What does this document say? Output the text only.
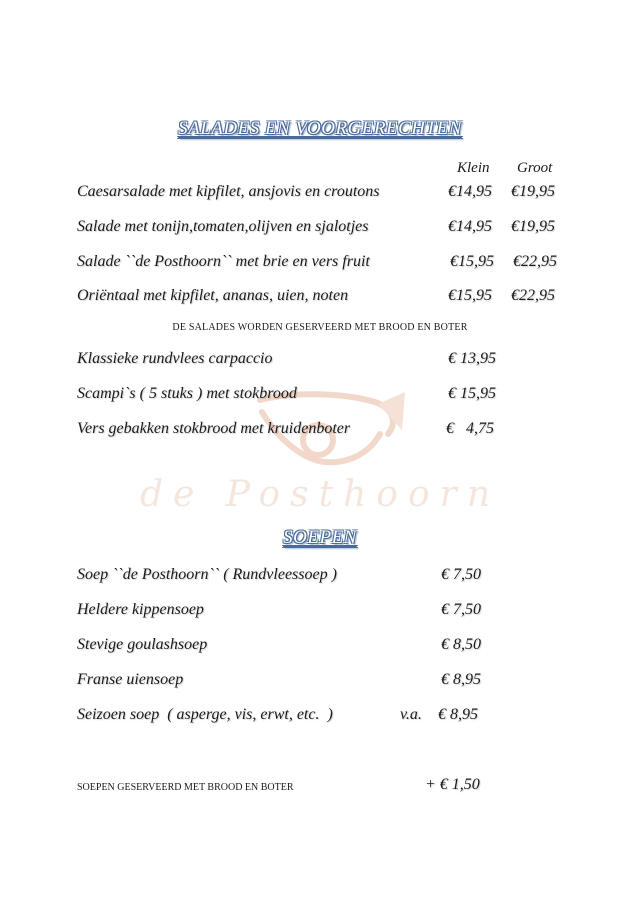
de Posthoorn
SALADES EN VOORGERECHTEN
Klein Groot
Caesarsalade met kipfilet, ansjovis en croutons	€14,95 €19,95
Salade met tonijn,tomaten,olijven en sjalotjes	€14,95 €19,95
Salade ``de Posthoorn`` met brie en vers fruit	€15,95 €22,95
Oriëntaal met kipfilet, ananas, uien, noten	€15,95 €22,95
DE SALADES WORDEN GESERVEERD MET BROOD EN BOTER
Klassieke rundvlees carpaccio	€ 13,95
Scampi`s ( 5 stuks ) met stokbrood	€ 15,95
Vers gebakken stokbrood met kruidenboter	€   4,75
SOEPEN
Soep ``de Posthoorn`` ( Rundvleessoep )	€ 7,50
Heldere kippensoep	€ 7,50
Stevige goulashsoep	€ 8,50
Franse uiensoep	€ 8,95
Seizoen soep  ( asperge, vis, erwt, etc.  )	v.a. € 8,95
SOEPEN GESERVEERD MET BROOD EN BOTER	+ € 1,50
